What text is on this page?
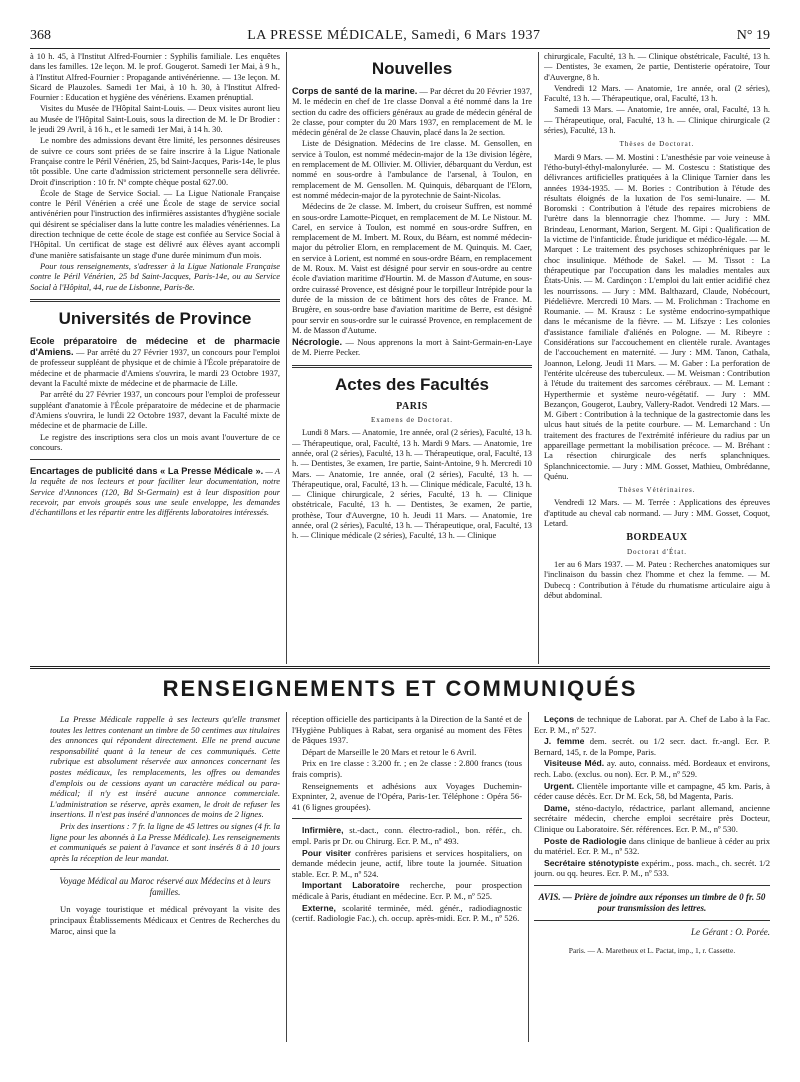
368	LA PRESSE MÉDICALE, Samedi, 6 Mars 1937	N° 19

à 10 h. 45, à l'Institut Alfred-Fournier : Syphilis familiale. Les enquêtes dans les familles. 12e leçon. M. le prof. Gougerot. Samedi 1er Mai, à 9 h., à l'Institut Alfred-Fournier : Propagande antivénérienne. — 13e leçon. M. Sicard de Plauzoles. Samedi 1er Mai, à 10 h. 30, à l'Institut Alfred-Fournier : Education et hygiène des vénériens. Examen prénuptial.

Visites du Musée de l'Hôpital Saint-Louis. — Deux visites auront lieu au Musée de l'Hôpital Saint-Louis, sous la direction de M. le Dr Brodier : le jeudi 29 Avril, à 16 h., et le samedi 1er Mai, à 14 h. 30.

Le nombre des admissions devant être limité, les personnes désireuses de suivre ce cours sont priées de se faire inscrire à la Ligue Nationale Française contre le Péril Vénérien, 25, bd Saint-Jacques, Paris-14e, le plus tôt possible. Une carte d'admission strictement personnelle sera délivrée. Droit d'inscription : 10 fr. Nº compte chèque postal 627.00.

École de Stage de Service Social. — La Ligue Nationale Française contre le Péril Vénérien a créé une École de stage de service social antivénérien pour l'instruction des infirmières assistantes d'hygiène sociale qui désirent se spécialiser dans la lutte contre les maladies vénériennes. La direction technique de cette école de stage est confiée au Service Social à l'Hôpital. Un certificat de stage est délivré aux élèves ayant accompli d'une manière satisfaisante un stage d'une durée minimum d'un mois.

Pour tous renseignements, s'adresser à la Ligue Nationale Française contre le Péril Vénérien, 25 bd Saint-Jacques, Paris-14e, ou au Service Social à l'Hôpital, 44, rue de Lisbonne, Paris-8e.

Universités de Province

Ecole préparatoire de médecine et de pharmacie d'Amiens. — Par arrêté du 27 Février 1937, un concours pour l'emploi de professeur suppléant de physique et de chimie à l'École préparatoire de médecine et de pharmacie d'Amiens s'ouvrira, le mardi 23 Octobre 1937, devant la Faculté mixte de médecine et de pharmacie de Lille.

Par arrêté du 27 Février 1937, un concours pour l'emploi de professeur suppléant d'anatomie à l'École préparatoire de médecine et de pharmacie d'Amiens s'ouvrira, le lundi 22 Octobre 1937, devant la Faculté mixte de médecine et de pharmacie de Lille.

Le registre des inscriptions sera clos un mois avant l'ouverture de ce concours.

Encartages de publicité dans « La Presse Médicale ». — A la requête de nos lecteurs et pour faciliter leur documentation, notre Service d'Annonces (120, Bd St-Germain) est à leur disposition pour recevoir, par envois groupés sous une seule enveloppe, les demandes d'échantillons et les répartir entre les différents laboratoires intéressés.

Nouvelles

Corps de santé de la marine. — Par décret du 20 Février 1937, M. le médecin en chef de 1re classe Donval a été nommé dans la 1re section du cadre des officiers généraux au grade de médecin général de 2e classe, pour compter du 20 Mars 1937, en remplacement de M. le médecin général de 2e classe Chauvin, placé dans la 2e section.

Liste de Désignation. Médecins de 1re classe. M. Gensollen, en service à Toulon, est nommé médecin-major de la 13e division légère, en remplacement de M. Ollivier. M. Ollivier, débarquant du Verdun, est nommé en sous-ordre à l'ambulance de l'arsenal, à Toulon, en remplacement de M. Gensollen. M. Quinquis, débarquant de l'Elorn, est nommé médecin-major de la pyrotechnie de Saint-Nicolas.

Médecins de 2e classe. M. Imbert, du croiseur Suffren, est nommé en sous-ordre Lamotte-Picquet, en remplacement de M. Le Nistour. M. Carel, en service à Toulon, est nommé en sous-ordre Suffren, en remplacement de M. Imbert. M. Roux, du Béarn, est nommé médecin-major du pétrolier Elorn, en remplacement de M. Quinquis. M. Caer, en service à Lorient, est nommé en sous-ordre Béarn, en remplacement de M. Roux. M. Vaist est désigné pour servir en sous-ordre au centre école d'aviation maritime d'Hourtin. M. de Masson d'Autume, en sous-ordre cuirassé Provence, est désigné pour le torpilleur Intrépide pour la durée de la mission de ce bâtiment hors des côtes de France. M. Brugère, en sous-ordre base d'aviation maritime de Berre, est désigné pour servir en sous-ordre sur le cuirassé Provence, en remplacement de M. de Masson d'Autume.

Nécrologie. — Nous apprenons la mort à Saint-Germain-en-Laye de M. Pierre Pecker.

Actes des Facultés
PARIS
Examens de Doctorat.

Lundi 8 Mars. — Anatomie, 1re année, oral (2 séries), Faculté, 13 h. — Thérapeutique, oral, Faculté, 13 h. Mardi 9 Mars. — Anatomie, 1re année, oral (2 séries), Faculté, 13 h. — Thérapeutique, oral, Faculté, 13 h. — Dentistes, 3e examen, 1re partie, Saint-Antoine, 9 h. Mercredi 10 Mars. — Anatomie, 1re année, oral (2 séries), Faculté, 13 h. — Thérapeutique, oral, Faculté, 13 h. — Clinique médicale, Faculté, 13 h. — Clinique chirurgicale, 2 séries, Faculté, 13 h. — Clinique obstétricale, Faculté, 13 h. — Dentistes, 3e examen, 2e partie, prothèse, Tour d'Auvergne, 10 h. Jeudi 11 Mars. — Anatomie, 1re année, oral (2 séries), Faculté, 13 h. — Thérapeutique, oral, Faculté, 13 h. — Clinique médicale (2 séries), Faculté, 13 h. — Clinique

chirurgicale, Faculté, 13 h. — Clinique obstétricale, Faculté, 13 h. — Dentistes, 3e examen, 2e partie, Dentisterie opératoire, Tour d'Auvergne, 8 h.

Vendredi 12 Mars. — Anatomie, 1re année, oral (2 séries), Faculté, 13 h. — Thérapeutique, oral, Faculté, 13 h.

Samedi 13 Mars. — Anatomie, 1re année, oral, Faculté, 13 h. — Thérapeutique, oral, Faculté, 13 h. — Clinique chirurgicale (2 séries), Faculté, 13 h.

Thèses de Doctorat.

Mardi 9 Mars. — M. Mostini : L'anesthésie par voie veineuse à l'étho-butyl-éthyl-malonylurée. — M. Costescu : Statistique des délivrances artificielles pratiquées à la Clinique Tarnier dans les années 1934-1935. — M. Bories : Contribution à l'étude des résultats éloignés de la luxation de l'os semi-lunaire. — M. Boromski : Contribution à l'étude des repaires microbiens de l'urètre dans la blennorragie chez l'homme. — Jury : MM. Brindeau, Lenormant, Marion, Sergent. M. Gipi : Qualification de la victime de l'infanticide. Étude juridique et médico-légale. — M. Marquet : Le traitement des psychoses schizophréniques par le choc insulinique. Méthode de Sakel. — M. Tissot : La thérapeutique par l'occupation dans les maladies mentales aux États-Unis. — M. Cardinçon : L'emploi du lait entier acidifié chez les nourrissons. — Jury : MM. Balthazard, Claude, Nobécourt, Piédelièvre. Mercredi 10 Mars. — M. Frolichman : Trachome en Roumanie. — M. Krausz : Le système endocrino-sympathique dans le mécanisme de la fièvre. — M. Lifszye : Les colonies d'assistance familiale d'aliénés en Pologne. — M. Ribeyre : Considérations sur l'accouchement en clientèle rurale. Avantages de l'accouchement en maternité. — Jury : MM. Tanon, Cathala, Joannon, Lelong. Jeudi 11 Mars. — M. Gaber : La perforation de l'entérite ulcéreuse des tuberculeux. — M. Weisman : Contribution à l'étude du traitement des sarcomes cérébraux. — M. Lemant : Hyperthermie et système neuro-végétatif. — Jury : MM. Bezançon, Gougerot, Laubry, Vallery-Radot. Vendredi 12 Mars. — M. Gibert : Contribution à la technique de la gastrectomie dans les ulcus haut situés de la petite courbure. — M. Lemarchand : Un traitement des fractures de l'extrémité inférieure du radius par un appareillage permettant la mobilisation précoce. — M. Bréhant : La résection chirurgicale des nerfs splanchniques. Splanchnicectomie. — Jury : MM. Gosset, Mathieu, Ombrédanne, Quénu.

Thèses Vétérinaires.

Vendredi 12 Mars. — M. Terrée : Applications des épreuves d'aptitude au cheval cab normand. — Jury : MM. Gosset, Coquot, Letard.

BORDEAUX
Doctorat d'État.

1er au 6 Mars 1937. — M. Pateu : Recherches anatomiques sur l'inclinaison du bassin chez l'homme et chez la femme. — M. Dubecq : Contribution à l'étude du rhumatisme articulaire aigu à début abdominal.

RENSEIGNEMENTS ET COMMUNIQUÉS

La Presse Médicale rappelle à ses lecteurs qu'elle transmet toutes les lettres contenant un timbre de 50 centimes aux titulaires des annonces qui répondent directement. Elle ne prend aucune responsabilité quant à la teneur de ces communiqués. Cette rubrique est absolument réservée aux annonces concernant les postes médicaux, les remplacements, les offres ou demandes d'emplois ou de cessions ayant un caractère médical ou para-médical; il n'y est inséré aucune annonce commerciale. L'administration se réserve, après examen, le droit de refuser les insertions. Il n'est pas inséré d'annonces de moins de 2 lignes.

Prix des insertions : 7 fr. la ligne de 45 lettres ou signes (4 fr. la ligne pour les abonnés à La Presse Médicale). Les renseignements et communiqués se paient à l'avance et sont insérés 8 à 10 jours après la réception de leur mandat.

Voyage Médical au Maroc réservé aux Médecins et à leurs familles.

Un voyage touristique et médical prévoyant la visite des principaux Établissements Médicaux et Centres de Recherches du Maroc, ainsi que la

réception officielle des participants à la Direction de la Santé et de l'Hygiène Publiques à Rabat, sera organisé au moment des Fêtes de Pâques 1937.

Départ de Marseille le 20 Mars et retour le 6 Avril.

Prix en 1re classe : 3.200 fr. ; en 2e classe : 2.800 francs (tous frais compris).

Renseignements et adhésions aux Voyages Duchemin-Expninter, 2, avenue de l'Opéra, Paris-1er. Téléphone : Opéra 56-41 (6 lignes groupées).

Infirmière, st.-dact., conn. électro-radiol., bon. référ., ch. empl. Paris pr Dr. ou Chirurg. Ecr. P. M., nº 493.

Pour visiter confrères parisiens et services hospitaliers, on demande médecin jeune, actif, libre toute la journée. Situation stable. Ecr. P. M., nº 524.

Important Laboratoire recherche, pour prospection médicale à Paris, étudiant en médecine. Ecr. P. M., nº 525.

Externe, scolarité terminée, méd. génér., radiodiagnostic (certif. Radiologie Fac.), ch. occup. après-midi. Ecr. P. M., nº 526.

Leçons de technique de Laborat. par A. Chef de Labo à la Fac. Ecr. P. M., nº 527.

J. femme dem. secrét. ou 1/2 secr. dact. fr.-angl. Ecr. P. Bernard, 145, r. de la Pompe, Paris.

Visiteuse Méd. ay. auto, connaiss. méd. Bordeaux et environs, rech. Labo. (exclus. ou non). Ecr. P. M., nº 529.

Urgent. Clientèle importante ville et campagne, 45 km. Paris, à céder cause décès. Ecr. Dr M. Eck, 58, bd Magenta, Paris.

Dame, sténo-dactylo, rédactrice, parlant allemand, ancienne secrétaire médecin, cherche emploi secrétaire près Docteur, Clinique ou Laboratoire. Sér. références. Ecr. P. M., nº 530.

Poste de Radiologie dans clinique de banlieue à céder au prix du matériel. Ecr. P. M., nº 532.

Secrétaire sténotypiste expérim., poss. mach., ch. secrét. 1/2 journ. ou qq. heures. Ecr. P. M., nº 533.

AVIS. — Prière de joindre aux réponses un timbre de 0 fr. 50 pour transmission des lettres.
Le Gérant : O. Porée.
Paris. — A. Maretheux et L. Pactat, imp., 1, r. Cassette.
